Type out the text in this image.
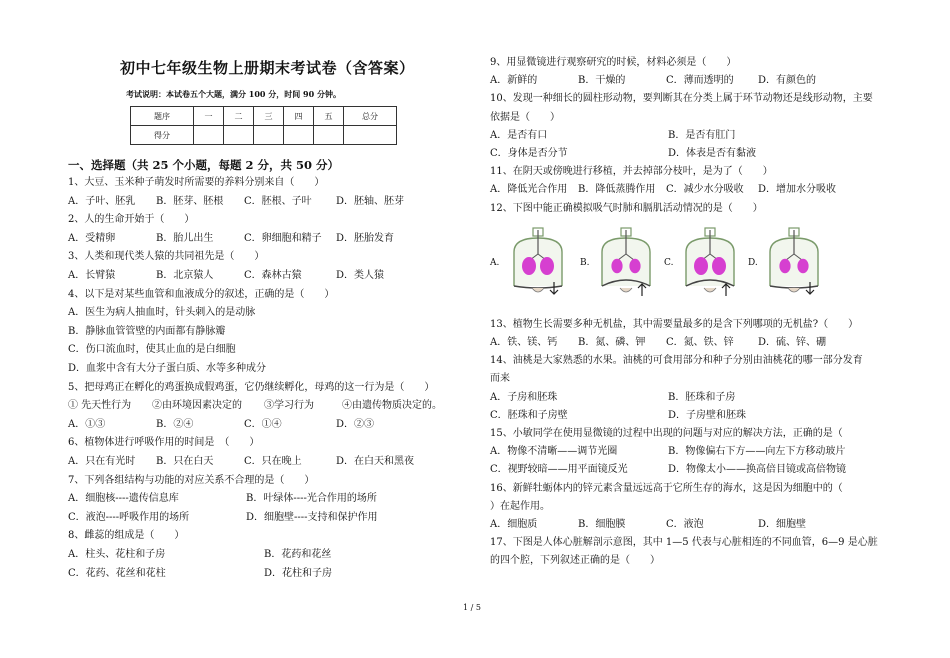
初中七年级生物上册期末考试卷（含答案）
考试说明：本试卷五个大题，满分 100 分，时间 90 分钟。
题序	一	二	三	四	五	总分
得分						
一、选择题（共 25 个小题，每题 2 分，共 50 分）
1、大豆、玉米种子萌发时所需要的养料分别来自（　　）
A．子叶、胚乳 B．胚芽、胚根 C．胚根、子叶 D．胚轴、胚芽
2、人的生命开始于（　　）
A．受精卵	B．胎儿出生	C．卵细胞和精子 D．胚胎发育
3、人类和现代类人猿的共同祖先是（　　）
A．长臂猿	B．北京猿人	C．森林古猿	D．类人猿
4、以下是对某些血管和血液成分的叙述，正确的是（　　）
A．医生为病人抽血时，针头刺入的是动脉
B．静脉血管管壁的内面都有静脉瓣
C．伤口流血时，使其止血的是白细胞
D．血浆中含有大分子蛋白质、水等多种成分
5、把母鸡正在孵化的鸡蛋换成假鸡蛋，它仍继续孵化，母鸡的这一行为是（　　）
① 先天性行为 ②由环境因素决定的 ③学习行为	④由遗传物质决定的。
A．①③	B．②④	C．①④	D．②③
6、植物体进行呼吸作用的时间是　（　　）
A．只在有光时 B．只在白天	C．只在晚上	D．在白天和黑夜
7、下列各组结构与功能的对应关系不合理的是（　　）
A．细胞核----遗传信息库	B．叶绿体----光合作用的场所
C．液泡----呼吸作用的场所	D．细胞壁----支持和保护作用
8、雌蕊的组成是（　　）
A．柱头、花柱和子房	B．花药和花丝
C．花药、花丝和花柱	D．花柱和子房
9、用显微镜进行观察研究的时候，材料必须是（　　）
A．新鲜的	B．干燥的	C．薄而透明的 D．有颜色的
10、发现一种细长的圆柱形动物，要判断其在分类上属于环节动物还是线形动物，主要
依据是（　　）
A．是否有口	B．是否有肛门
C．身体是否分节	D．体表是否有黏液
11、在阴天或傍晚进行移植，并去掉部分枝叶，是为了（　　）
A．降低光合作用 B．降低蒸腾作用 C．减少水分吸收 D．增加水分吸收
12、下图中能正确模拟吸气时肺和膈肌活动情况的是（　　）
13、植物生长需要多种无机盐，其中需要量最多的是含下列哪项的无机盐?（　　）
A．铁、镁、钙 B．氮、磷、钾 C．氮、铁、锌 D．硫、锌、硼
14、油桃是大家熟悉的水果。油桃的可食用部分和种子分别由油桃花的哪一部分发育
而来
A．子房和胚珠	B．胚珠和子房
C．胚珠和子房壁	D．子房壁和胚珠
15、小敏同学在使用显微镜的过程中出现的问题与对应的解决方法，正确的是（
A．物像不清晰——调节光圈	B．物像偏右下方——向左下方移动玻片
C．视野较暗——用平面镜反光	D．物像太小——换高倍目镜或高倍物镜
16、新鲜牡蛎体内的锌元素含量远远高于它所生存的海水，这是因为细胞中的（
）在起作用。
A．细胞质	B．细胞膜	C．液泡	D．细胞壁
17、下图是人体心脏解剖示意图，其中 1—5 代表与心脏相连的不同血管，6—9 是心脏
的四个腔，下列叙述正确的是（　　）
A.	B.	C.	D.
1 / 5
